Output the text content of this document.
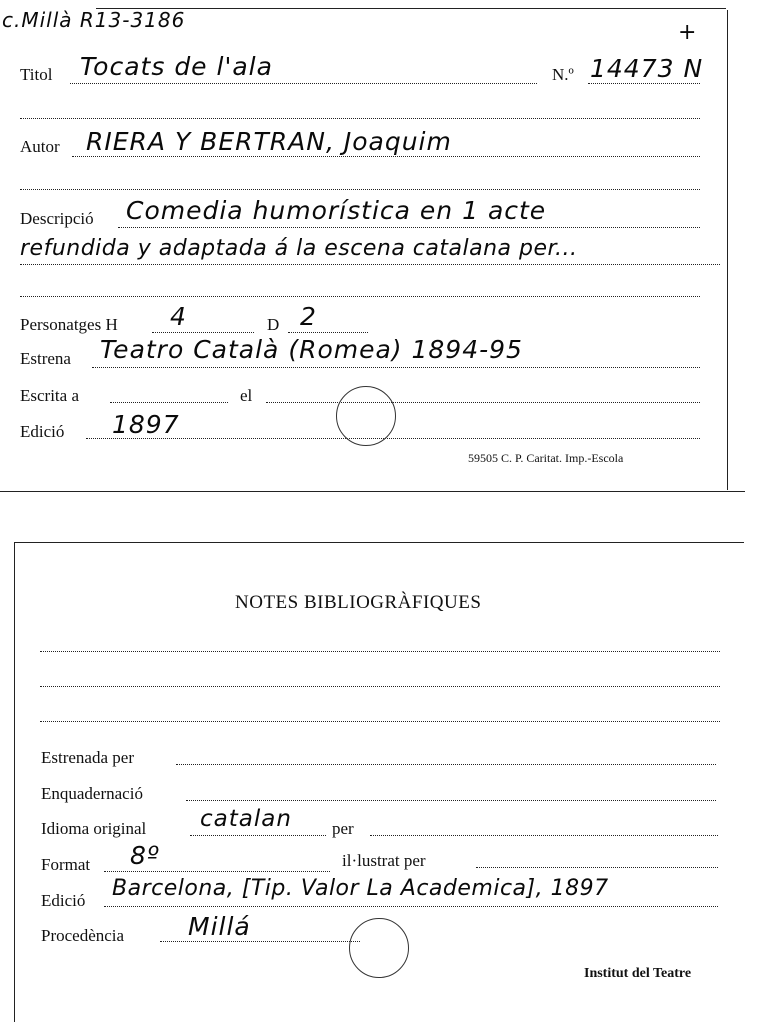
c.Millà R13-3186	+
Titol Tocats de l'ala	N.º 14473 N
Autor RIERA Y BERTRAN, Joaquim
Descripció Comedia humorística en 1 acte
refundida y adaptada á la escena catalana per...
Personatges H 4	D 2
Estrena Teatro Català (Romea) 1894-95
Escrita a	el
Edició 1897
59505 C. P. Caritat. Imp.-Escola
NOTES BIBLIOGRÀFIQUES
Estrenada per
Enquadernació
Idioma original catalan per
Format 8º	il·lustrat per
Edició Barcelona, [Tip. Valor La Academica], 1897
Procedència	Millá
Institut del Teatre
